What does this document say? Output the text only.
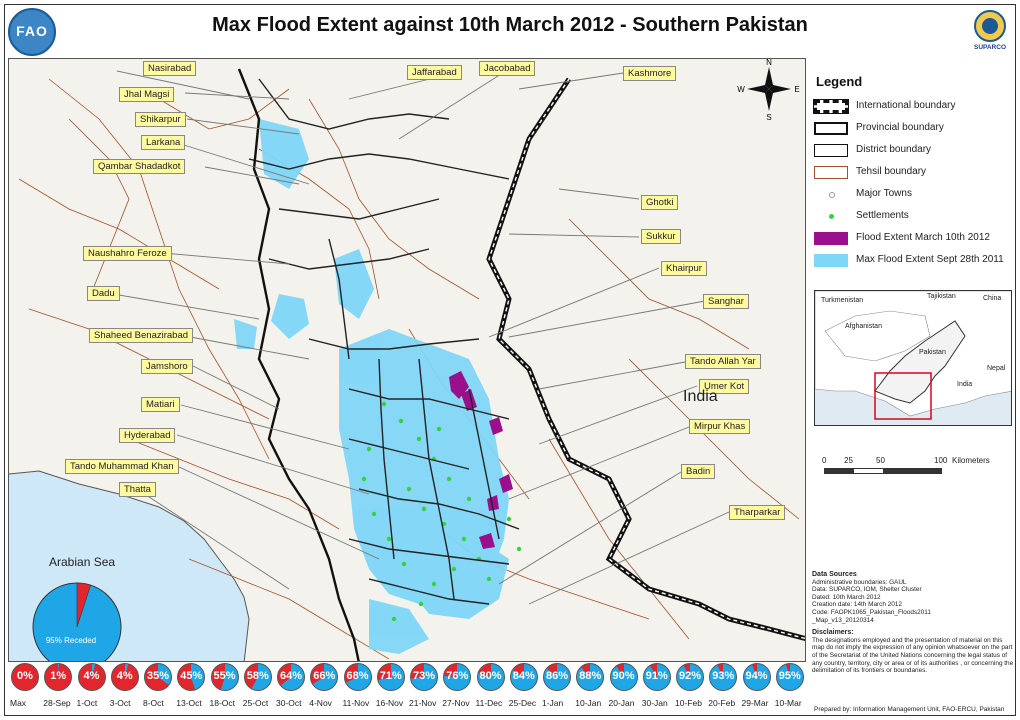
FAO	Max Flood Extent against 10th March 2012 - Southern Pakistan
SUPARCO
N
S
E
W
Nasirabad	Jaffarabad	Jacobabad	Kashmore
Jhal Magsi
Shikarpur
Larkana
Qambar Shadadkot
Ghotki
Sukkur
Naushahro Feroze
Khairpur
Dadu
Sanghar
Shaheed Benazirabad
Tando Allah Yar
Jamshoro
Umer Kot
Matiari
Mirpur Khas
Hyderabad
Tando Muhammad Khan	Badin
Thatta
Tharparkar
India
Arabian Sea
95% Receded
Legend
International boundary
Provincial boundary
District boundary
Tehsil boundary
Major Towns
Settlements
Flood Extent March 10th 2012
Max Flood Extent Sept 28th 2011
Turkmenistan
Tajikistan	China
Afghanistan
Pakistan
India
Nepal
0 25	50	100 Kilometers
Data Sources
Administrative boundaries: GAUL
Data: SUPARCO, IOM, Shelter Cluster
Dated: 10th March 2012
Creation date: 14th March 2012
Code: FAOPK1065_Pakistan_Floods2011
_Map_v13_20120314

Disclaimers:
The designations employed and the presentation of material on this map do not imply the expression of any opinion whatsoever on the part of the Secretariat of the United Nations concerning the legal status of any country, territory, city or area or of its authorities , or concerning the delimitation of its frontiers or boundaries.
0%
Max
1%
28-Sep
4%
1-Oct
4%
3-Oct
35%
8-Oct
45%
13-Oct
55%
18-Oct
58%
25-Oct
64%
30-Oct
66%
4-Nov
68%
11-Nov
71%
16-Nov
73%
21-Nov
76%
27-Nov
80%
11-Dec
84%
25-Dec
86%
1-Jan
88%
10-Jan
90%
20-Jan
91%
30-Jan
92%
10-Feb
93%
20-Feb
94%
29-Mar
95%
10-Mar
Prepared by: Information Management Unit, FAO-ERCU, Pakistan
